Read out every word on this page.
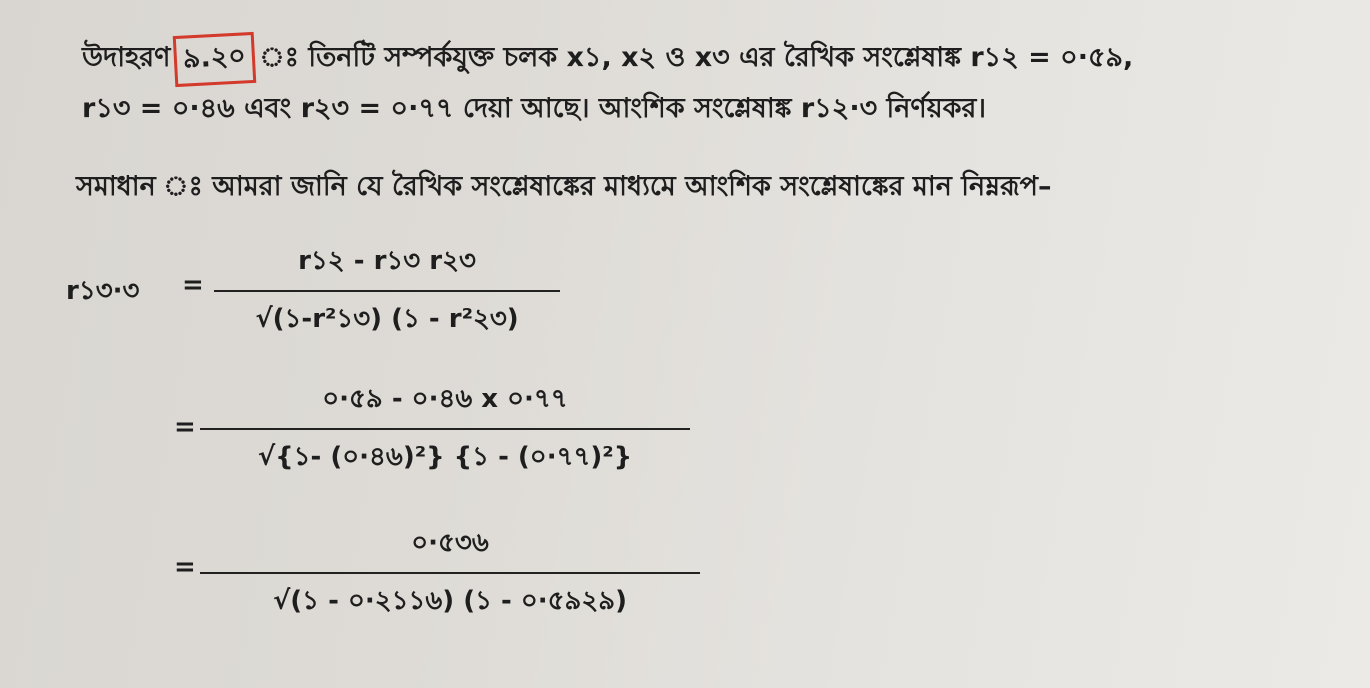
উদাহরণ ৯.২০ ঃ তিনটি সম্পর্কযুক্ত চলক x১, x২ ও x৩ এর রৈখিক সংশ্লেষাঙ্ক r১২ = ০·৫৯,
r১৩ = ০·৪৬ এবং r২৩ = ০·৭৭ দেয়া আছে। আংশিক সংশ্লেষাঙ্ক r১২·৩ নির্ণয়কর।
সমাধান ঃ আমরা জানি যে রৈখিক সংশ্লেষাঙ্কের মাধ্যমে আংশিক সংশ্লেষাঙ্কের মান নিম্নরূপ–
r১৩·৩ =
r১২ - r১৩ r২৩
√(১-r²১৩) (১ - r²২৩)
=
০·৫৯ - ০·৪৬ x ০·৭৭
√{১- (০·৪৬)²} {১ - (০·৭৭)²}
=
০·৫৩৬
√(১ - ০·২১১৬) (১ - ০·৫৯২৯)
